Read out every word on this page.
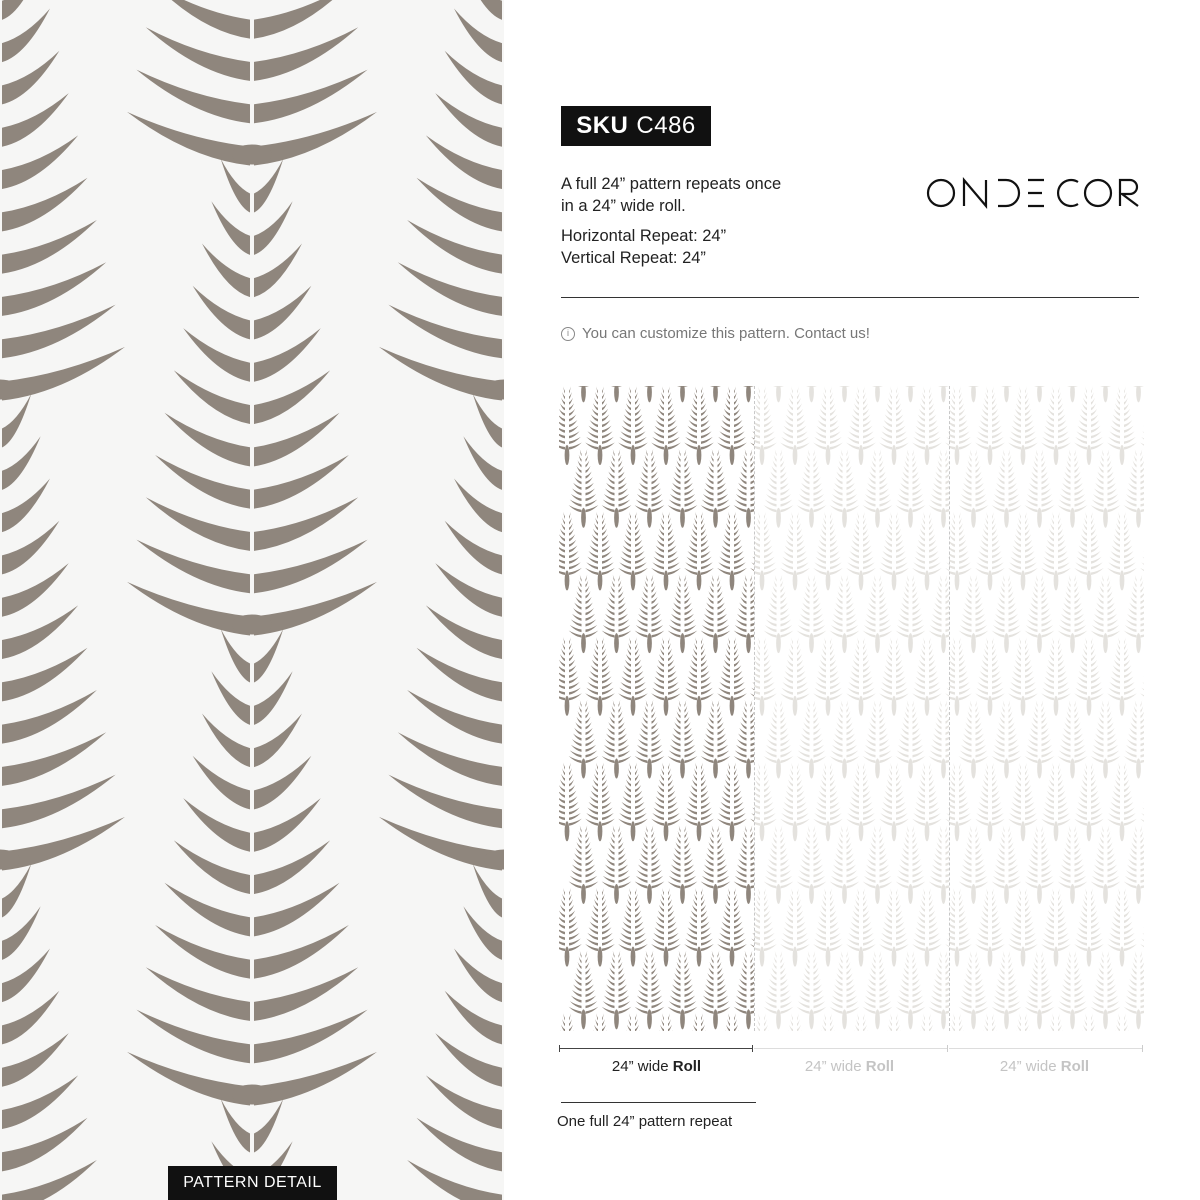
PATTERN DETAIL
SKU C486
A full 24” pattern repeats once
in a 24” wide roll.
Horizontal Repeat: 24”
Vertical Repeat: 24”
i You can customize this pattern. Contact us!
24” wide Roll	24” wide Roll	24” wide Roll
One full 24” pattern repeat
